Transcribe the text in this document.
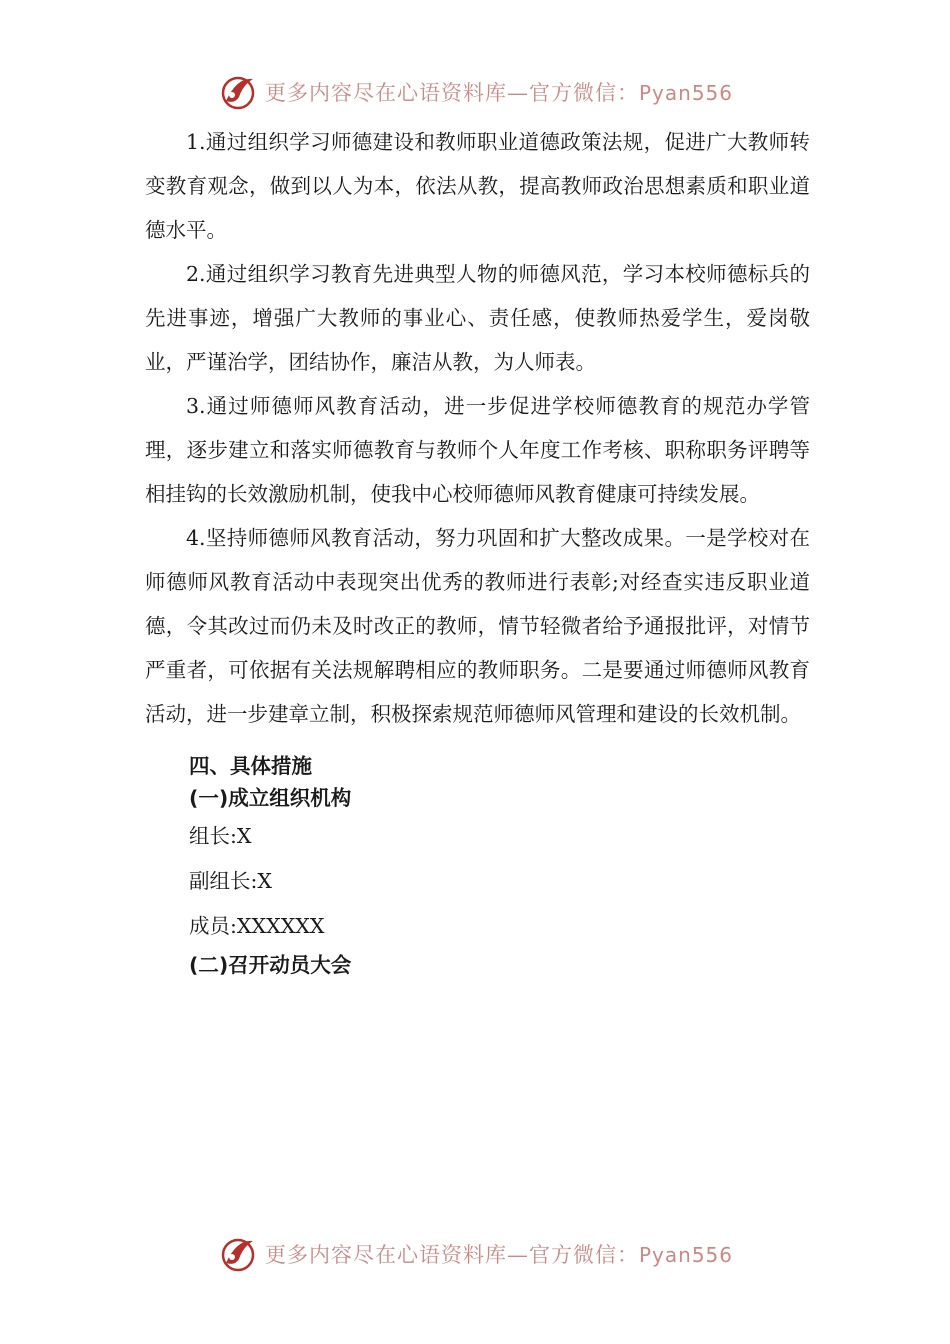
更多内容尽在心语资料库—官方微信：Pyan556

1.通过组织学习师德建设和教师职业道德政策法规，促进广大教师转变教育观念，做到以人为本，依法从教，提高教师政治思想素质和职业道德水平。

2.通过组织学习教育先进典型人物的师德风范，学习本校师德标兵的先进事迹，增强广大教师的事业心、责任感，使教师热爱学生，爱岗敬业，严谨治学，团结协作，廉洁从教，为人师表。

3.通过师德师风教育活动，进一步促进学校师德教育的规范办学管理，逐步建立和落实师德教育与教师个人年度工作考核、职称职务评聘等相挂钩的长效激励机制，使我中心校师德师风教育健康可持续发展。

4.坚持师德师风教育活动，努力巩固和扩大整改成果。一是学校对在师德师风教育活动中表现突出优秀的教师进行表彰;对经查实违反职业道德，令其改过而仍未及时改正的教师，情节轻微者给予通报批评，对情节严重者，可依据有关法规解聘相应的教师职务。二是要通过师德师风教育活动，进一步建章立制，积极探索规范师德师风管理和建设的长效机制。

四、具体措施
(一)成立组织机构

组长:X

副组长:X

成员:XXXXXX

(二)召开动员大会
更多内容尽在心语资料库—官方微信：Pyan556
